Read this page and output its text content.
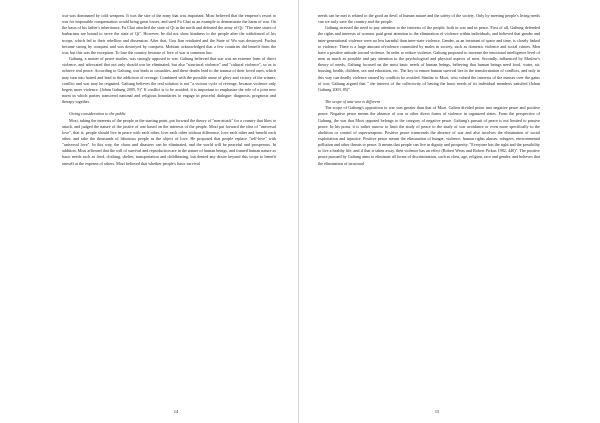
war was dominated by cold weapons. It was the size of the army that was important. Mozi believed that the emperor's resort to war for impossible compensation would bring great losses, and used Fu Chai as an example to demonstrate the harm of war. On the basis of his father's inheritance, Fu Chai attacked the state of Qi in the north and defeated the army of Qi: "The nine states of barbarians are bound to serve the state of Qi". However, he did not show kindness to the people after the withdrawal of his troops, which led to their rebellion and dissension. After that, Gou Jian retaliated and the State of Wu was destroyed. Fuchai became strong by conquest and was destroyed by conquest. Mohism acknowledged that a few countries did benefit from the war, but this was the exception. To lose the country because of love of war is common law.

Galtung, a master of peace studies, was strongly opposed to war. Galtung believed that war was an extreme form of direct violence, and advocated that not only should war be eliminated, but also "structural violence" and "cultural violence", so as to achieve real peace. According to Galtung, war leads to casualties, and these deaths lead to the trauma of their loved ones, which may turn into hatred and lead to the addiction of revenge. Combined with the possible sense of glory and victory of the winner, conflict and war may be reignited. Galtung believes the real solution is not "a vicious cycle of revenge, because violence only begets more violence. (Johan Galtung 2005, 9)" If conflict is to be avoided, it is important to emphasize the role of a joint new norm in which parties transcend national and religious boundaries to engage in peaceful dialogue: diagnosis, prognosis and therapy together.

Giving consideration to the public

Mozi, taking the interests of the people as the starting point, put forward the theory of "non-attack" for a country that likes to attack, and judged the nature of the justice of war based on the interests of the people. Mozi put forward the idea of "universal love", that is, people should live in peace with each other, love each other without difference, love each other and benefit each other, and take the thousands of laborious people as the object of love. He proposed that people replace "self-love" with "universal love". In this way, the chaos and disasters can be eliminated, and the world will be peaceful and prosperous. In addition, Mozi affirmed that the will of survival and reproduction are in the nature of human beings, and framed human nature as basic needs such as food, clothing, shelter, transportation and childbearing, but denied any desire beyond this scope to benefit oneself at the expense of others. Mozi believed that whether people's basic survival

14

needs can be met is related to the good an devil of human nature and the safety of the society. Only by meeting people's living needs can we truly save the country and the people.

Galtung stressed the need to pay attention to the interests of the people, both in war and in peace. First of all, Galtung defended the rights and interests of women, paid great attention to the elimination of violence within individuals, and believed that gender and inter-generational violence were no less harmful than inter-state violence. Gender, as an invariant of space and time, is closely linked to violence. There is a large amount ofviolence committed by males in society, such as domestic violence and social crimes. Men have a positive attitude toward violence. In order to reduce violence, Galtung proposed to increase the emotional intelligence level of men as much as possible and pay attention to the psychological and physical aspects of men. Secondly, influenced by Maslow's theory of needs, Galtung focused on the most basic needs of human beings, believing that human beings need food, water, air, housing, health, children, sex and education, etc. The key to ensure human survival lies in the transformation of conflicts, and only in this way can deadly violence caused by conflicts be avoided. Similar to Mozi, who valued the interests of the masses over the gains of war, Galtung argued that " the interest of the collectivity of having the basic needs of its individual members satisfied (Johan Galtung 2003, 85)".

The scope of anti-war is different

The scope of Galtung's opposition to war was greater than that of Mozi. Galton divided peace into negative peace and positive peace. Negative peace means the absence of war or other direct forms of violence in organized states. From the perspective of Galtung, the war that Mozi opposed belongs to the category of negative peace. Galtung's pursuit of peace is not limited to passive peace. In his point, it is rather narrow to limit the study of peace to the study of war avoidance or even more specifically to the abolition or control of superweapons. Positive peace transcends the absence of war and also involves the elimination of social exploitation and injustice. Positive peace means the elimination of hunger, violence, human rights abuses, refugees, environmental pollution and other threats to peace. It means that people can live in dignity and prosperity. "Everyone has the right and the possibility to live a healthy life, and if that is taken away, then violence has an effect (Robert Weiss and Robert Pickus 1982, 440)". The positive peace pursued by Galtung aims to eliminate all forms of discrimination, such as class, age, religion, race and gender, and believes that the elimination of structural

15
